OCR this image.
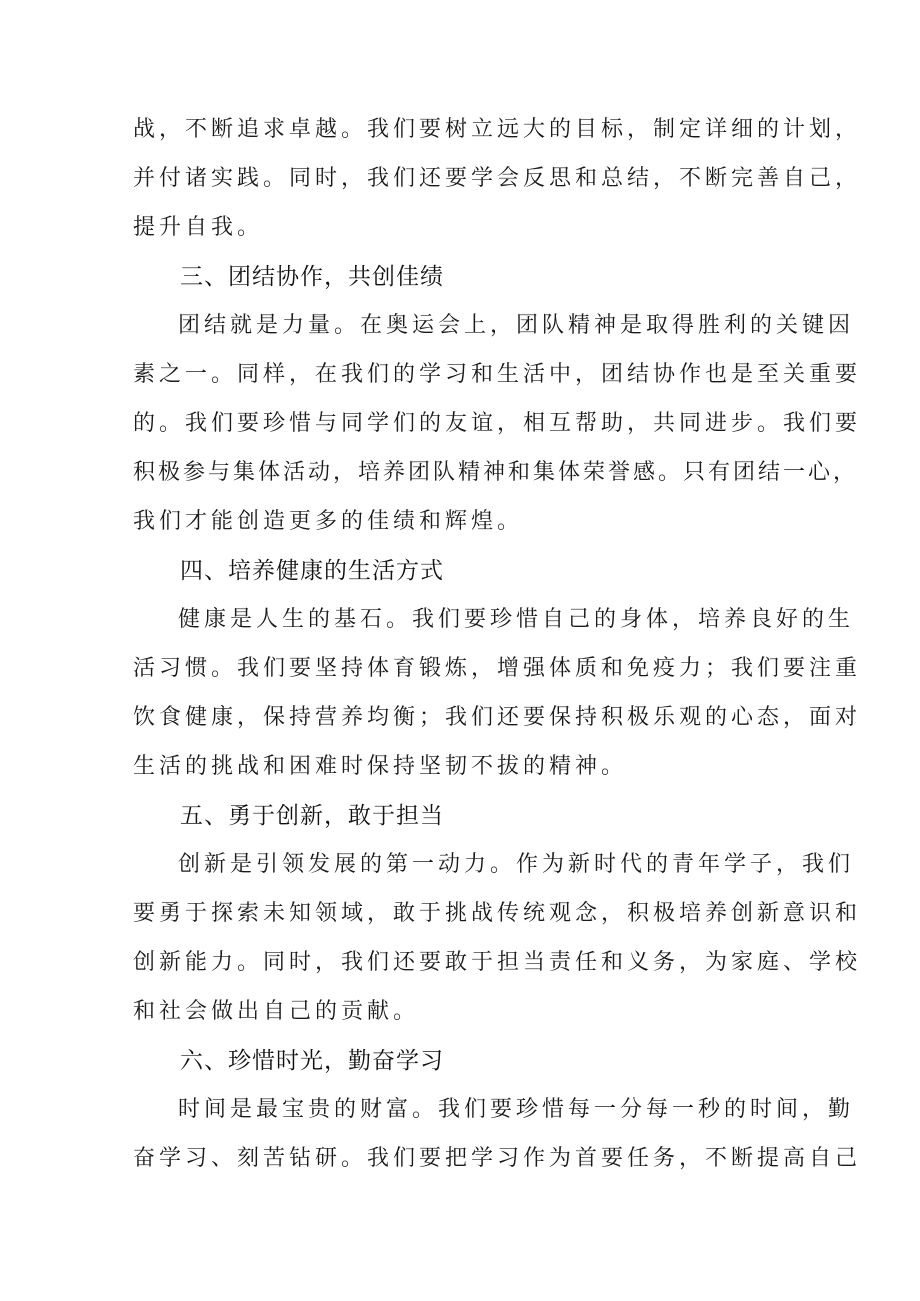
战，不断追求卓越。我们要树立远大的目标，制定详细的计划，
并付诸实践。同时，我们还要学会反思和总结，不断完善自己，
提升自我。
三、团结协作，共创佳绩
团结就是力量。在奥运会上，团队精神是取得胜利的关键因
素之一。同样，在我们的学习和生活中，团结协作也是至关重要
的。我们要珍惜与同学们的友谊，相互帮助，共同进步。我们要
积极参与集体活动，培养团队精神和集体荣誉感。只有团结一心，
我们才能创造更多的佳绩和辉煌。
四、培养健康的生活方式
健康是人生的基石。我们要珍惜自己的身体，培养良好的生
活习惯。我们要坚持体育锻炼，增强体质和免疫力；我们要注重
饮食健康，保持营养均衡；我们还要保持积极乐观的心态，面对
生活的挑战和困难时保持坚韧不拔的精神。
五、勇于创新，敢于担当
创新是引领发展的第一动力。作为新时代的青年学子，我们
要勇于探索未知领域，敢于挑战传统观念，积极培养创新意识和
创新能力。同时，我们还要敢于担当责任和义务，为家庭、学校
和社会做出自己的贡献。
六、珍惜时光，勤奋学习
时间是最宝贵的财富。我们要珍惜每一分每一秒的时间，勤
奋学习、刻苦钻研。我们要把学习作为首要任务，不断提高自己
